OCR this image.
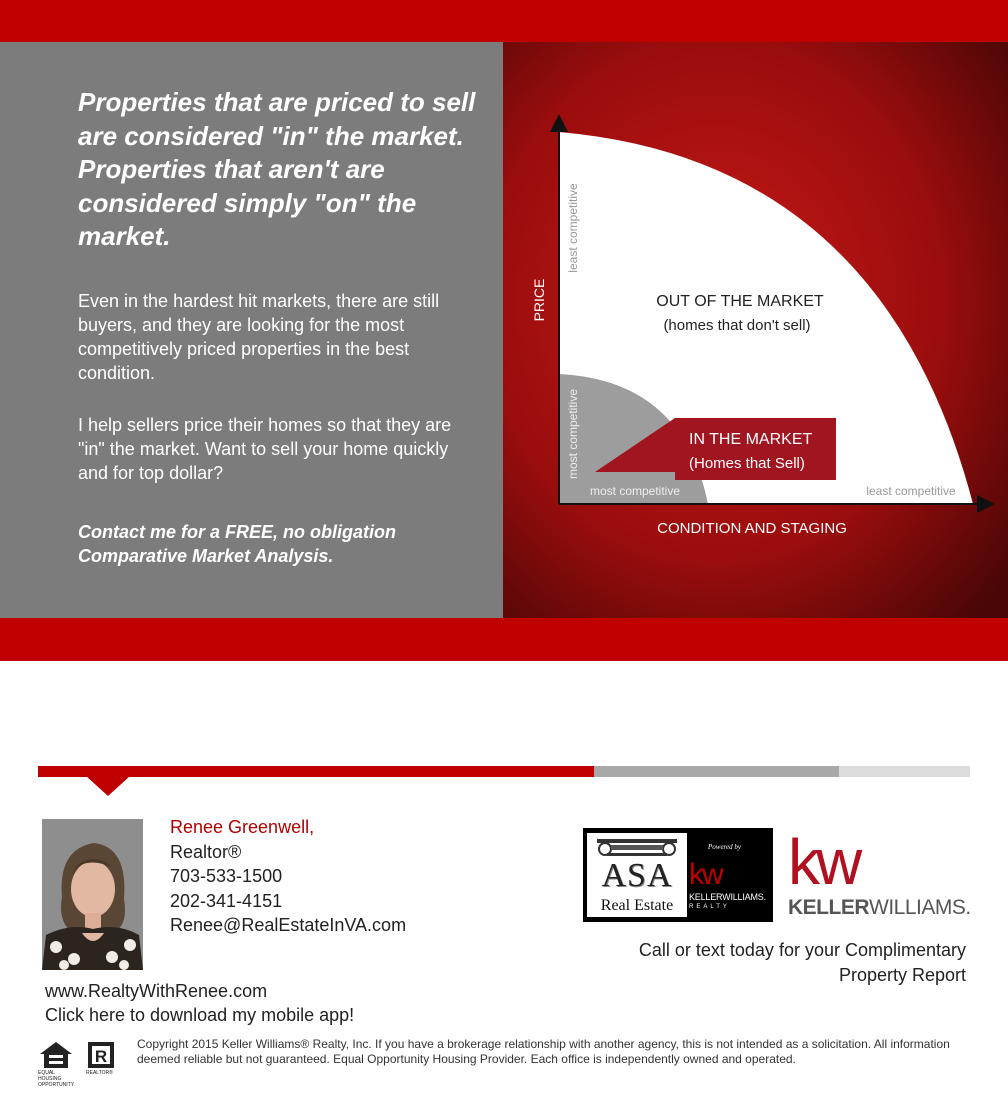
Properties that are priced to sell are considered "in" the market. Properties that aren't are considered simply "on" the market.
Even in the hardest hit markets, there are still buyers, and they are looking for the most competitively priced properties in the best condition.
I help sellers price their homes so that they are "in" the market. Want to sell your home quickly and for top dollar?
Contact me for a FREE, no obligation Comparative Market Analysis.
PRICE
CONDITION AND STAGING
least competitive
most competitive
most competitive	least competitive
OUT OF THE MARKET
(homes that don't sell)
IN THE MARKET
(Homes that Sell)
Renee Greenwell,
Realtor®
703-533-1500
202-341-4151
Renee@RealEstateInVA.com
www.RealtyWithRenee.com
Click here to download my mobile app!
ASA
Real Estate
Powered by
kw
KELLERWILLIAMS.
REALTY
kw
KELLERWILLIAMS.
Call or text today for your Complimentary
Property Report
EQUAL HOUSING OPPORTUNITY
R
REALTOR®
Copyright 2015 Keller Williams® Realty, Inc. If you have a brokerage relationship with another agency, this is not intended as a solicitation. All information deemed reliable but not guaranteed. Equal Opportunity Housing Provider. Each office is independently owned and operated.
